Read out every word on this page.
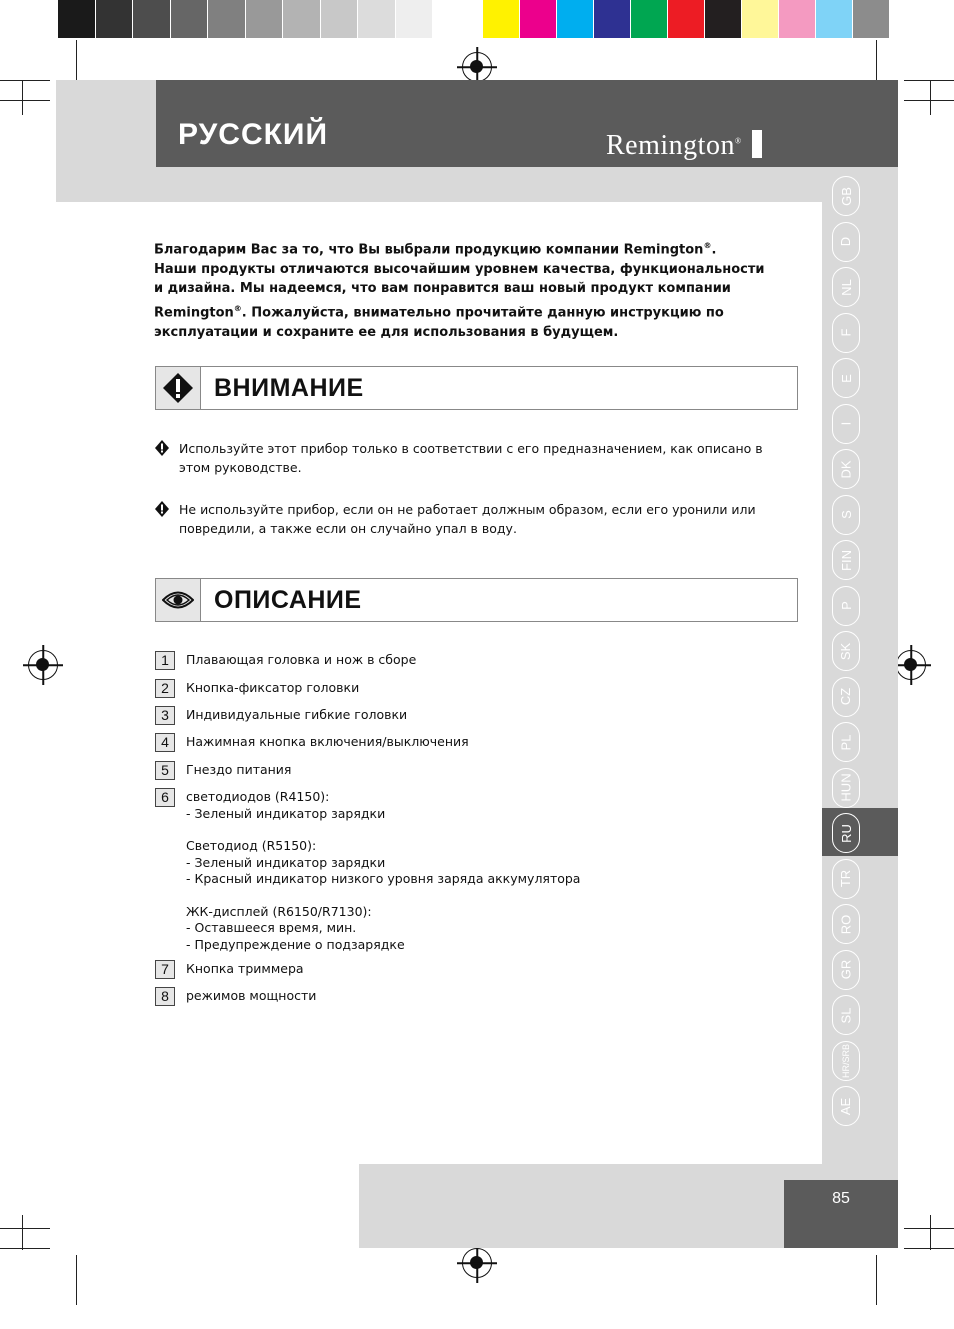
РУССКИЙ	Remington®
GB
D
NL
F
E
I
DK
S
FIN
P
SK
CZ
PL
HUN
RU
TR
RO
GR
SL
HR/SRB
AE
85
Благодарим Вас за то, что Вы выбрали продукцию компании Remington®.
Наши продукты отличаются высочайшим уровнем качества, функциональности
и дизайна. Мы надеемся, что вам понравится ваш новый продукт компании
Remington®. Пожалуйста, внимательно прочитайте данную инструкцию по
эксплуатации и сохраните ее для использования в будущем.
ВНИМАНИЕ
Используйте этот прибор только в соответствии с его предназначением, как описано в этом руководстве.
Не используйте прибор, если он не работает должным образом, если его уронили или повредили, а также если он случайно упал в воду.
ОПИСАНИЕ
1	Плавающая головка и нож в сборе
2	Кнопка-фиксатор головки
3	Индивидуальные гибкие головки
4	Нажимная кнопка включения/выключения
5	Гнездо питания
6	светодиодов (R4150):
- Зеленый индикатор зарядки
Светодиод (R5150):
- Зеленый индикатор зарядки
- Красный индикатор низкого уровня заряда аккумулятора
ЖК-дисплей (R6150/R7130):
- Оставшееся время, мин.
- Предупреждение о подзарядке
7	Кнопка триммера
8	режимов мощности
